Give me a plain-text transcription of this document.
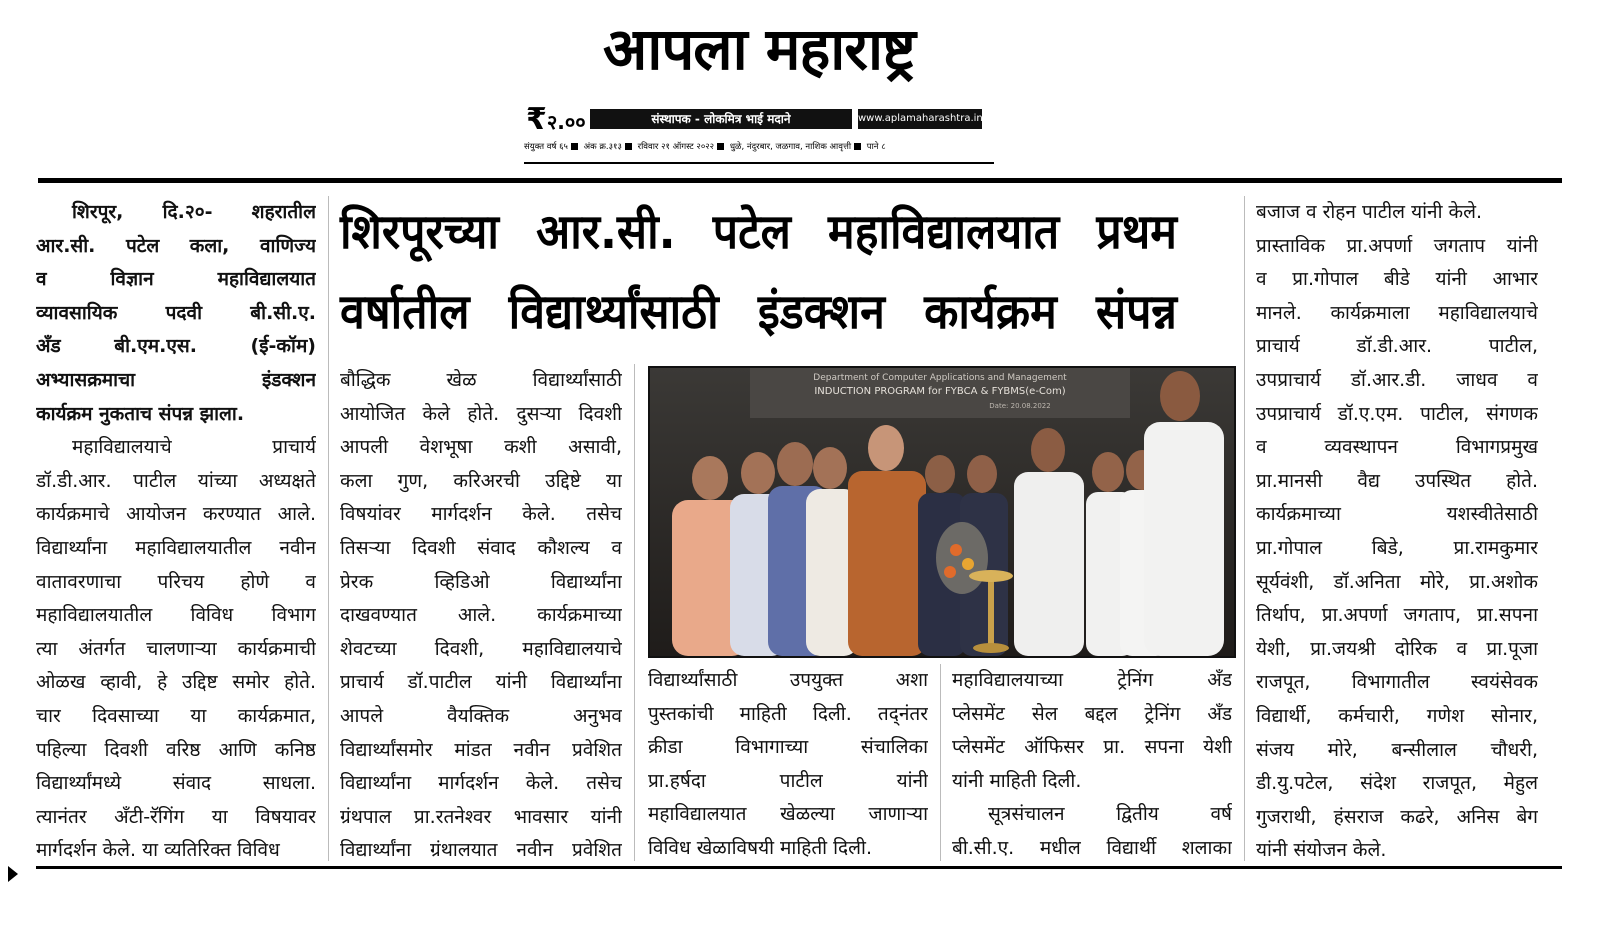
आपला महाराष्ट्र
₹२.००	संस्थापक - लोकमित्र भाई मदाने	www.aplamaharashtra.in
संयुक्त वर्ष ६५ अंक क्र.३१३ रविवार २१ ऑगस्ट २०२२ धुळे, नंदुरबार, जळगाव, नाशिक आवृत्ती पाने ८
शिरपूरच्या आर.सी. पटेल महाविद्यालयात प्रथम
वर्षातील विद्यार्थ्यांसाठी इंडक्शन कार्यक्रम संपन्न
शिरपूर, दि.२०- शहरातील
आर.सी. पटेल कला, वाणिज्य
व विज्ञान महाविद्यालयात
व्यावसायिक पदवी बी.सी.ए.
अँड बी.एम.एस. (ई-कॉम)
अभ्यासक्रमाचा इंडक्शन
कार्यक्रम नुकताच संपन्न झाला.
महाविद्यालयाचे प्राचार्य
डॉ.डी.आर. पाटील यांच्या अध्यक्षते
कार्यक्रमाचे आयोजन करण्यात आले.
विद्यार्थ्यांना महाविद्यालयातील नवीन
वातावरणाचा परिचय होणे व
महाविद्यालयातील विविध विभाग
त्या अंतर्गत चालणाऱ्या कार्यक्रमाची
ओळख व्हावी, हे उद्दिष्ट समोर होते.
चार दिवसाच्या या कार्यक्रमात,
पहिल्या दिवशी वरिष्ठ आणि कनिष्ठ
विद्यार्थ्यांमध्ये संवाद साधला.
त्यानंतर अँटी-रॅगिंग या विषयावर
मार्गदर्शन केले. या व्यतिरिक्त विविध
बौद्धिक खेळ विद्यार्थ्यांसाठी
आयोजित केले होते. दुसऱ्या दिवशी
आपली वेशभूषा कशी असावी,
कला गुण, करिअरची उद्दिष्टे या
विषयांवर मार्गदर्शन केले. तसेच
तिसऱ्या दिवशी संवाद कौशल्य व
प्रेरक व्हिडिओ विद्यार्थ्यांना
दाखवण्यात आले. कार्यक्रमाच्या
शेवटच्या दिवशी, महाविद्यालयाचे
प्राचार्य डॉ.पाटील यांनी विद्यार्थ्यांना
आपले वैयक्तिक अनुभव
विद्यार्थ्यांसमोर मांडत नवीन प्रवेशित
विद्यार्थ्यांना मार्गदर्शन केले. तसेच
ग्रंथपाल प्रा.रतनेश्वर भावसार यांनी
विद्यार्थ्यांना ग्रंथालयात नवीन प्रवेशित
विद्यार्थ्यांसाठी उपयुक्त अशा
पुस्तकांची माहिती दिली. तद्नंतर
क्रीडा विभागाच्या संचालिका
प्रा.हर्षदा पाटील यांनी
महाविद्यालयात खेळल्या जाणाऱ्या
विविध खेळाविषयी माहिती दिली.
महाविद्यालयाच्या ट्रेनिंग अँड
प्लेसमेंट सेल बद्दल ट्रेनिंग अँड
प्लेसमेंट ऑफिसर प्रा. सपना येशी
यांनी माहिती दिली.
सूत्रसंचालन द्वितीय वर्ष
बी.सी.ए. मधील विद्यार्थी शलाका
बजाज व रोहन पाटील यांनी केले.
प्रास्ताविक प्रा.अपर्णा जगताप यांनी
व प्रा.गोपाल बीडे यांनी आभार
मानले. कार्यक्रमाला महाविद्यालयाचे
प्राचार्य डॉ.डी.आर. पाटील,
उपप्राचार्य डॉ.आर.डी. जाधव व
उपप्राचार्य डॉ.ए.एम. पाटील, संगणक
व व्यवस्थापन विभागप्रमुख
प्रा.मानसी वैद्य उपस्थित होते.
कार्यक्रमाच्या यशस्वीतेसाठी
प्रा.गोपाल बिडे, प्रा.रामकुमार
सूर्यवंशी, डॉ.अनिता मोरे, प्रा.अशोक
तिर्थाप, प्रा.अपर्णा जगताप, प्रा.सपना
येशी, प्रा.जयश्री दोरिक व प्रा.पूजा
राजपूत, विभागातील स्वयंसेवक
विद्यार्थी, कर्मचारी, गणेश सोनार,
संजय मोरे, बन्सीलाल चौधरी,
डी.यु.पटेल, संदेश राजपूत, मेहुल
गुजराथी, हंसराज कढरे, अनिस बेग
यांनी संयोजन केले.
Department of Computer Applications and Management
INDUCTION PROGRAM for FYBCA & FYBMS(e-Com)
Date: 20.08.2022
